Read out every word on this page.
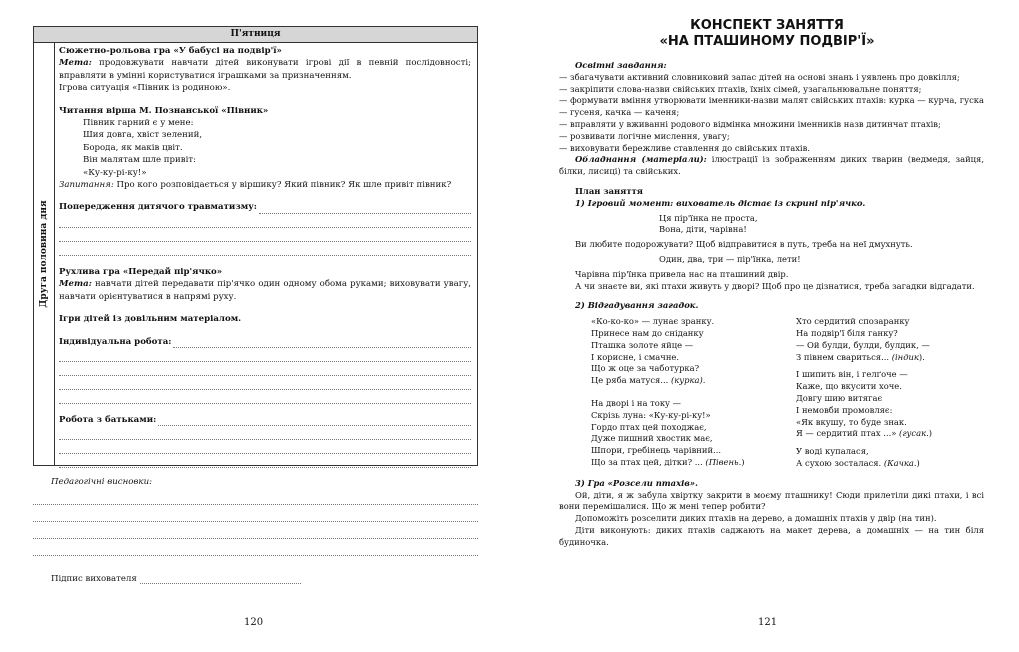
П'ятниця
Друга половина дня

Сюжетно-рольова гра «У бабусі на подвір'ї»

Мета: продовжувати навчати дітей виконувати ігрові дії в певній послідовності; вправляти в умінні користуватися іграшками за призначенням.

Ігрова ситуація «Півник із родиною».

Читання вірша М. Познанської «Півник»

Півник гарний є у мене:

Шия довга, хвіст зелений,

Борода, як маків цвіт.

Він малятам шле привіт:

«Ку-ку-рі-ку!»

Запитання: Про кого розповідається у віршику? Який півник? Як шле привіт півник?

Попередження дитячого травматизму:

Рухлива гра «Передай пір'ячко»

Мета: навчати дітей передавати пір'ячко один одному обома руками; виховувати увагу, навчати орієнтуватися в напрямі руху.

Ігри дітей із довільним матеріалом.

Індивідуальна робота:
Робота з батьками:
Педагогічні висновки:
Підпис вихователя
120
КОНСПЕКТ ЗАНЯТТЯ
«НА ПТАШИНОМУ ПОДВІР'Ї»

Освітні завдання:

— збагачувати активний словниковий запас дітей на основі знань і уявлень про довкілля;

— закріпити слова-назви свійських птахів, їхніх сімей, узагальнювальне поняття;

— формувати вміння утворювати іменники-назви малят свійських птахів: курка — курча, гуска — гусеня, качка — каченя;

— вправляти у вживанні родового відмінка множини іменників назв дитинчат птахів;

— розвивати логічне мислення, увагу;

— виховувати бережливе ставлення до свійських птахів.

Обладнання (матеріали): ілюстрації із зображенням диких тварин (ведмедя, зайця, білки, лисиці) та свійських.

План заняття

1) Ігровий момент: вихователь дістає із скрині пір'ячко.

Ця пір'їнка не проста,

Вона, діти, чарівна!

Ви любите подорожувати? Щоб відправитися в путь, треба на неї дмухнуть.

Один, два, три — пір'їнка, лети!

Чарівна пір'їнка привела нас на пташиний двір.

А чи знаєте ви, які птахи живуть у дворі? Щоб про це дізнатися, треба загадки відгадати.

2) Відгадування загадок.

«Ко-ко-ко» — лунає зранку.

Принесе нам до сніданку

Пташка золоте яйце —

І корисне, і смачне.

Що ж оце за чаботурка?

Це ряба матуся... (курка).

На дворі і на току —

Скрізь луна: «Ку-ку-рі-ку!»

Гордо птах цей походжає,

Дуже пишний хвостик має,

Шпори, гребінець чарівний...

Що за птах цей, дітки? ... (Півень.)

Хто сердитий спозаранку

На подвір'ї біля ганку?

— Ой булди, булди, булдик, —

З півнем свариться... (індик).

І шипить він, і гелґоче —

Каже, що вкусити хоче.

Довгу шию витягає

І немовби промовляє:

«Як вкушу, то буде знак.

Я — сердитий птах ...» (гусак.)

У воді купалася,

А сухою зосталася. (Качка.)

3) Гра «Розсели птахів».

Ой, діти, я ж забула хвіртку закрити в моєму пташнику! Сюди прилетіли дикі птахи, і всі вони перемішалися. Що ж мені тепер робити?

Допоможіть розселити диких птахів на дерево, а домашніх птахів у двір (на тин).

Діти виконують: диких птахів саджають на макет дерева, а домашніх — на тин біля будиночка.

121
